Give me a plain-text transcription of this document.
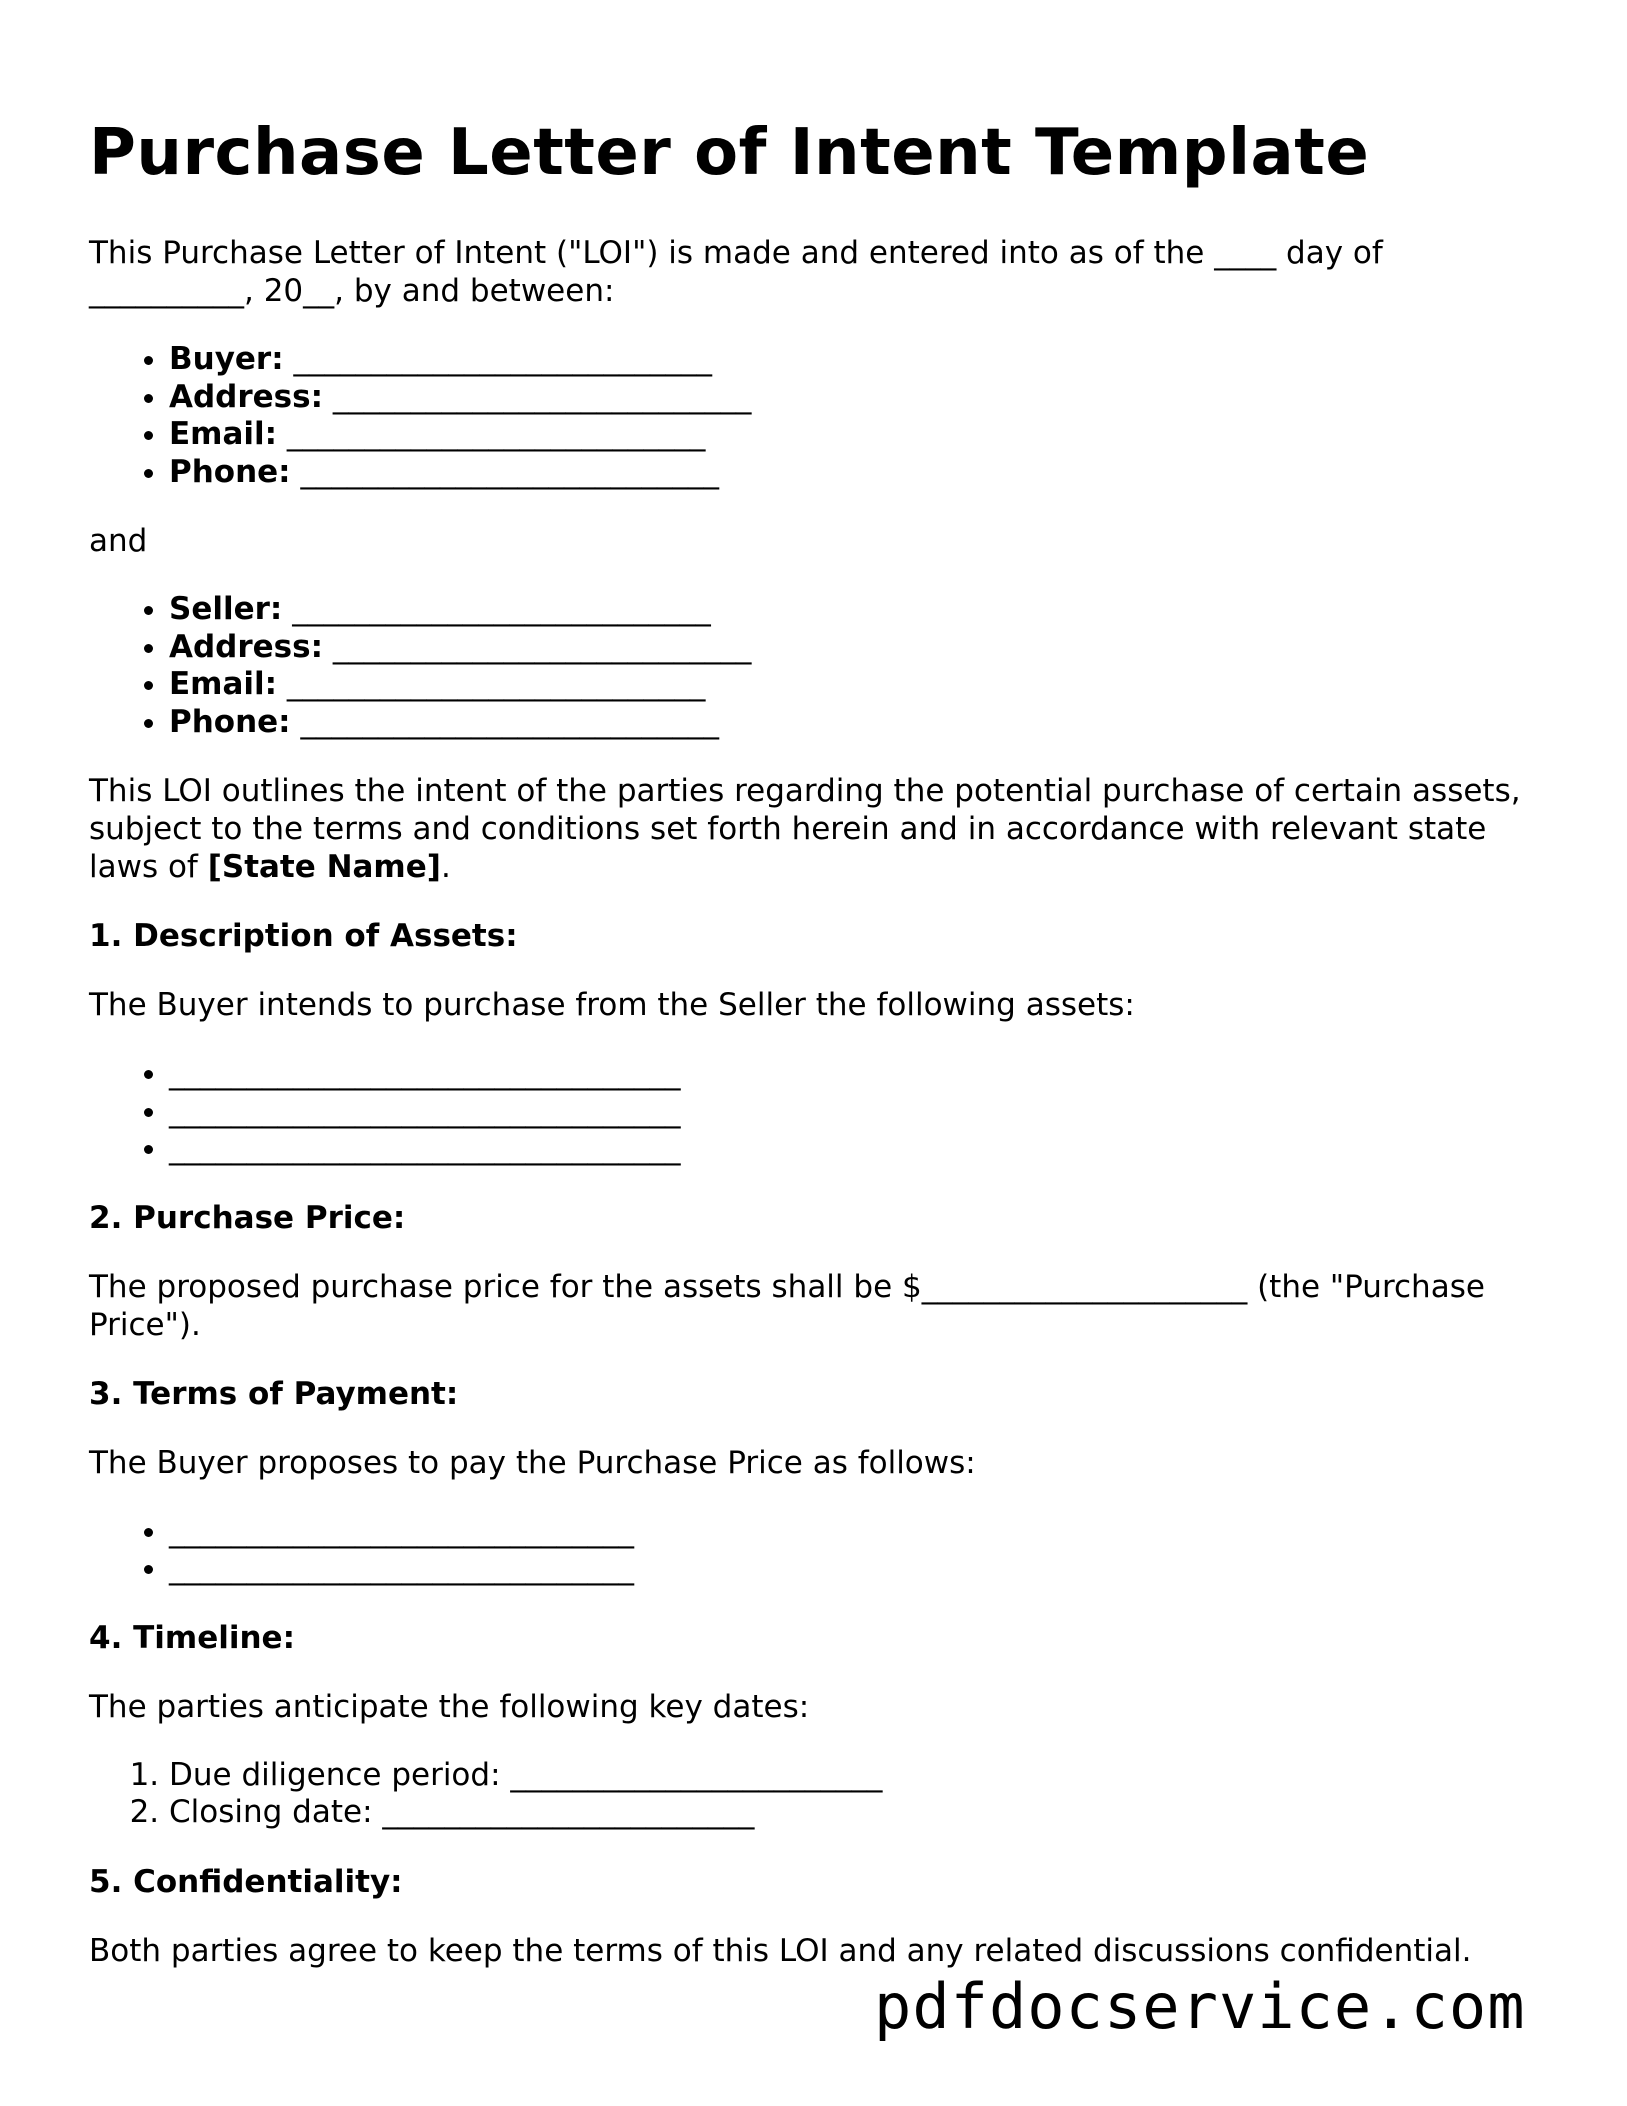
Purchase Letter of Intent Template

This Purchase Letter of Intent ("LOI") is made and entered into as of the ____ day of __________, 20__, by and between:

• Buyer: ___________________________
• Address: ___________________________
• Email: ___________________________
• Phone: ___________________________

and

• Seller: ___________________________
• Address: ___________________________
• Email: ___________________________
• Phone: ___________________________

This LOI outlines the intent of the parties regarding the potential purchase of certain assets, subject to the terms and conditions set forth herein and in accordance with relevant state laws of [State Name].

1. Description of Assets:

The Buyer intends to purchase from the Seller the following assets:

• _________________________________
• _________________________________
• _________________________________
2. Purchase Price:

The proposed purchase price for the assets shall be $_____________________ (the "Purchase Price").

3. Terms of Payment:

The Buyer proposes to pay the Purchase Price as follows:

• ______________________________
• ______________________________
4. Timeline:

The parties anticipate the following key dates:

1. Due diligence period: ________________________
2. Closing date: ________________________
5. Confidentiality:

Both parties agree to keep the terms of this LOI and any related discussions confidential.

pdfdocservice.com
